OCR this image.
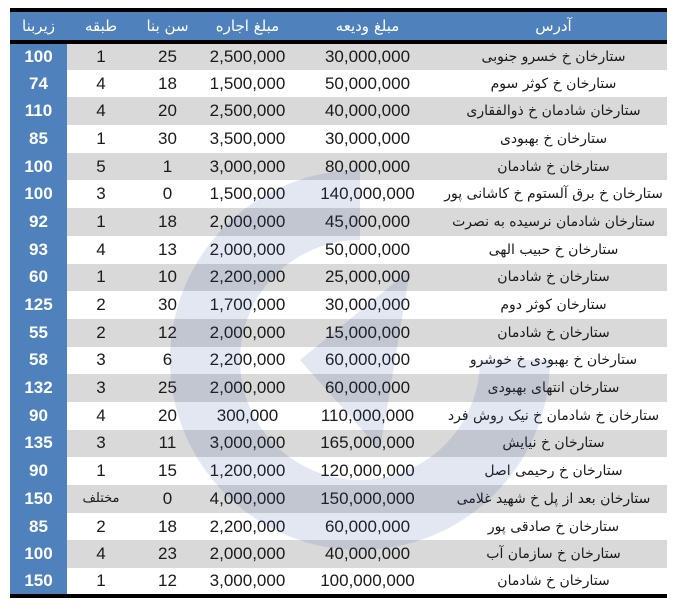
آدرس	مبلغ ودیعه	مبلغ اجاره	سن بنا	طبقه	زیربنا
ستارخان خ خسرو جنوبی	30,000,000	2,500,000	25	1	100
ستارخان خ کوثر سوم	50,000,000	1,500,000	18	4	74
ستارخان شادمان خ ذوالفقاری	40,000,000	2,500,000	20	4	110
ستارخان خ بهبودی	30,000,000	3,500,000	30	1	85
ستارخان خ شادمان	80,000,000	3,000,000	1	5	100
ستارخان خ برق آلستوم خ کاشانی پور	140,000,000	1,500,000	0	3	100
ستارخان شادمان نرسیده به نصرت	45,000,000	2,000,000	18	1	92
ستارخان خ حبیب الهی	50,000,000	2,000,000	13	4	93
ستارخان خ شادمان	25,000,000	2,200,000	10	1	60
ستارخان کوثر دوم	30,000,000	1,700,000	30	2	125
ستارخان خ شادمان	15,000,000	2,000,000	12	2	55
ستارخان خ بهبودی خ خوشرو	60,000,000	2,200,000	6	3	58
ستارخان انتهای بهبودی	60,000,000	2,000,000	25	3	132
ستارخان خ شادمان خ نیک روش فرد	110,000,000	300,000	20	4	90
ستارخان خ نیایش	165,000,000	3,000,000	11	3	135
ستارخان خ رحیمی اصل	120,000,000	1,200,000	15	1	90
ستارخان بعد از پل خ شهید غلامی	150,000,000	4,000,000	0	مختلف	150
ستارخان خ صادقی پور	60,000,000	2,200,000	18	2	85
ستارخان خ سازمان آب	40,000,000	2,000,000	23	4	100
ستارخان خ شادمان	100,000,000	3,000,000	12	1	150
